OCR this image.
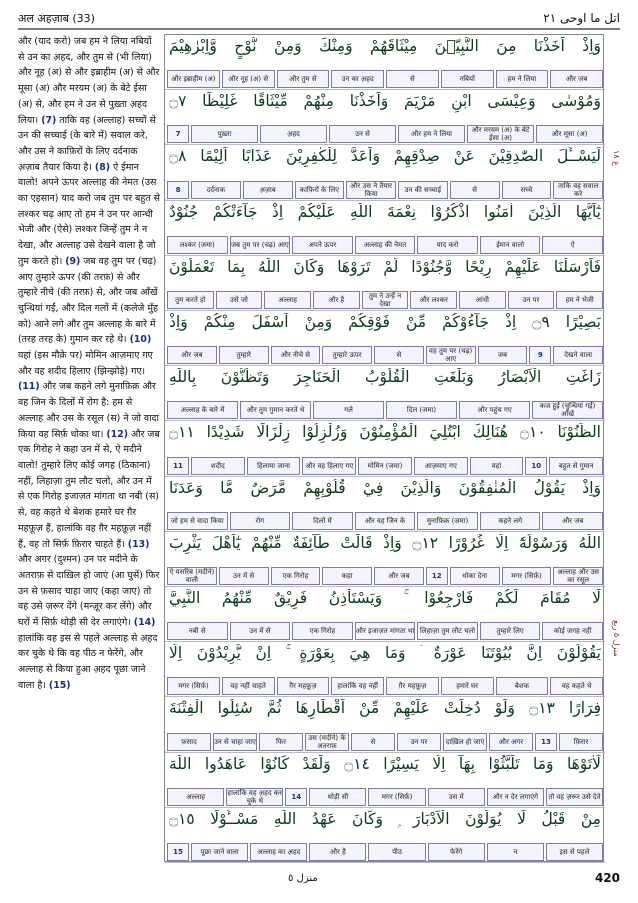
अल अहज़ाब (33)	اتل ما اوحی ٢١

और (याद करो) जब हम ने लिया नबियों से उन का अ़हद, और तुम से (भी लिया) और नूह (अ) से और इब्राहीम (अ) से और मूसा (अ) और मरयम (अ) के बेटे ईसा (अ) से, और हम ने उन से पुख़्ता अ़हद लिया। (7) ताकि वह (अल्लाह) सच्चों से उन की सच्चाई (के बारे में) सवाल करे, और उस ने काफ़िरों के लिए दर्दनाक अ़ज़ाब तैयार किया है। (8) ऐ ईमान वालो! अपने ऊपर अल्लाह की नेमत (उस का एहसान) याद करो जब तुम पर बहुत से लश्कर चढ़ आए तो हम ने उन पर आन्धी भेजी और (ऐसे) लश्कर जिन्हें तुम ने न देखा, और अल्लाह उसे देखने वाला है जो तुम करते हो। (9) जब वह तुम पर (चढ़) आए तुम्हारे ऊपर (की तरफ़) से और तुम्हारे नीचे (की तरफ़) से, और जब आँखें चुन्धियां गईं, और दिल गलों में (कलेजे मुँह को) आने लगे और तुम अल्लाह के बारे में (तरह तरह के) गुमान कर रहे थे। (10) यहां (इस मौक़े पर) मोमिन आज़माए गए और वह शदीद हिलाए (झिन्झोड़े) गए। (11) और जब कहने लगे मुनाफ़िक़ और वह जिन के दिलों में रोग है: हम से अल्लाह और उस के रसूल (स) ने जो वादा किया वह सिर्फ़ धोका था। (12) और जब एक गिरोह ने कहा उन में से, ऐ मदीने वालो! तुम्हारे लिए कोई जगह (ठिकाना) नहीं, लिहाज़ा तुम लौट चलो, और उन में से एक गिरोह इजाज़त मांगता था नबी (स) से, वह कहते थे बेशक हमारे घर ग़ैर महफ़ूज़ हैं, हालांकि वह ग़ैर महफ़ूज़ नहीं हैं, वह तो सिर्फ़ फ़िरार चाहते हैं। (13) और अगर (दुश्मन) उन पर मदीने के अतराफ़ से दाख़िल हो जाएं (आ घुसें) फिर उन से फ़साद चाहा जाए (कहा जाए) तो वह उसे ज़रूर देंगे (मन्ज़ूर कर लेंगे) और घरों में सिर्फ़ थोड़ी सी देर लगाएंगे। (14) हालांकि वह इस से पहले अल्लाह से अ़हद कर चुके थे कि वह पीठ न फेरेंगे, और अल्लाह से किया हुआ अ़हद पूछा जाने वाला है। (15)

وَاِذْ اَخَذْنَا مِنَ النَّبِيّٖنَ مِيْثَاقَهُمْ وَمِنْكَ وَمِنْ نُّوْحٍ وَّاِبْرٰهِيْمَ
और जब
हम ने लिया
नबियों
से
उन का अ़हद
और तुम से
और नूह (अ) से
और इब्राहीम (अ)
وَمُوْسٰى وَعِيْسَى ابْنِ مَرْيَمَ وَاَخَذْنَا مِنْهُمْ مِّيْثَاقًا غَلِيْظًا ۝٧
और मूसा (अ)
और मरयम (अ) के बेटे ईसा (अ)
और हम ने लिया
उन से
अ़हद
पुख़्ता
7
لِّيَسْــَٔلَ الصّٰدِقِيْنَ عَنْ صِدْقِهِمْ وَاَعَدَّ لِلْكٰفِرِيْنَ عَذَابًا اَلِيْمًا ۝٨
ताकि वह सवाल करे
सच्चे
से
उन की सच्चाई
और उस ने तैयार किया
काफ़िरों के लिए
अ़ज़ाब
दर्दनाक
8
يٰٓاَيُّهَا الَّذِيْنَ اٰمَنُوا اذْكُرُوْا نِعْمَةَ اللّٰهِ عَلَيْكُمْ اِذْ جَآءَتْكُمْ جُنُوْدٌ
ऐ
ईमान वालो
याद करो
अल्लाह की नेमत
अपने ऊपर
जब तुम पर (चढ़) आए
लश्कर (जमा)
فَاَرْسَلْنَا عَلَيْهِمْ رِيْحًا وَّجُنُوْدًا لَّمْ تَرَوْهَا وَكَانَ اللّٰهُ بِمَا تَعْمَلُوْنَ
हम ने भेजी
उन पर
आंधी
और लश्कर
तुम ने उन्हें न देखा
और है
अल्लाह
उसे जो
तुम करते हो
بَصِيْرًا ۝٩ اِذْ جَآءُوْكُمْ مِّنْ فَوْقِكُمْ وَمِنْ اَسْفَلَ مِنْكُمْ وَاِذْ
देखने वाला
9
जब
वह तुम पर (चढ़) आए
से
तुम्हारे ऊपर
और नीचे से
तुम्हारे
और जब
زَاغَتِ الْاَبْصَارُ وَبَلَغَتِ الْقُلُوْبُ الْحَنَاجِرَ وَتَظُنُّوْنَ بِاللّٰهِ
कज हुईं (चुन्धियां गईं) आँखें
और पहुंच गए
दिल (जमा)
गले
और तुम गुमान करते थे
अल्लाह के बारे में
الظُّنُوْنَا ۝١٠ هُنَالِكَ ابْتُلِيَ الْمُؤْمِنُوْنَ وَزُلْزِلُوْا زِلْزَالًا شَدِيْدًا ۝١١
बहुत से गुमान
10
यहां
आज़माए गए
मोमिन (जमा)
और वह हिलाए गए
हिलाया जाना
शदीद
11
وَاِذْ يَقُوْلُ الْمُنٰفِقُوْنَ وَالَّذِيْنَ فِيْ قُلُوْبِهِمْ مَّرَضٌ مَّا وَعَدَنَا
और जब
कहने लगे
मुनाफ़िक़ (जमा)
और वह जिन के
दिलों में
रोग
जो हम से वादा किया
اللّٰهُ وَرَسُوْلُهٗٓ اِلَّا غُرُوْرًا ۝١٢ وَاِذْ قَالَتْ طَّآئِفَةٌ مِّنْهُمْ يٰٓاَهْلَ يَثْرِبَ
अल्लाह और उस का रसूल
मगर (सिर्फ़)
धोका देना
12
और जब
कहा
एक गिरोह
उन में से
ऐ यसरिब (मदीने) वाली
لَا مُقَامَ لَكُمْ فَارْجِعُوْا ۚ وَيَسْتَاْذِنُ فَرِيْقٌ مِّنْهُمُ النَّبِيَّ
कोई जगह नहीं
तुम्हारे लिए
लिहाज़ा तुम लौट चलो
और इजाज़त मांगता था
एक गिरोह
उन में से
नबी से
يَقُوْلُوْنَ اِنَّ بُيُوْتَنَا عَوْرَةٌ ۛ وَمَا هِيَ بِعَوْرَةٍ ۚ اِنْ يُّرِيْدُوْنَ اِلَّا
वह कहते थे
बेशक
हमारे घर
ग़ैर महफ़ूज़
हालांकि वह नहीं
ग़ैर महफ़ूज़
वह नहीं चाहते
मगर (सिर्फ़)
فِرَارًا ۝١٣ وَلَوْ دُخِلَتْ عَلَيْهِمْ مِّنْ اَقْطَارِهَا ثُمَّ سُئِلُوا الْفِتْنَةَ
फ़िरार
13
और अगर
दाख़िल हो जाएं
उन पर
से
उस (मदीने) के अतराफ़
फिर
उन से चाहा जाए
फ़साद
لَاٰتَوْهَا وَمَا تَلَبَّثُوْا بِهَآ اِلَّا يَسِيْرًا ۝١٤ وَلَقَدْ كَانُوْا عَاهَدُوا اللّٰهَ
तो वह ज़रूर उसे देते
और न देर लगाएंगे
उस में
मगर (सिर्फ़)
थोड़ी सी
14
हालांकि वह अ़हद कर चुके थे
अल्लाह
مِنْ قَبْلُ لَا يُوَلُّوْنَ الْاَدْبَارَ ۭ وَكَانَ عَهْدُ اللّٰهِ مَسْــُٔوْلًا ۝١٥
इस से पहले
न
फेरेंगे
पीठ
और है
अल्लाह का अ़हद
पूछा जाने वाला
15
ع ١٨
منزل ٥ ربع
منزل ٥	420
